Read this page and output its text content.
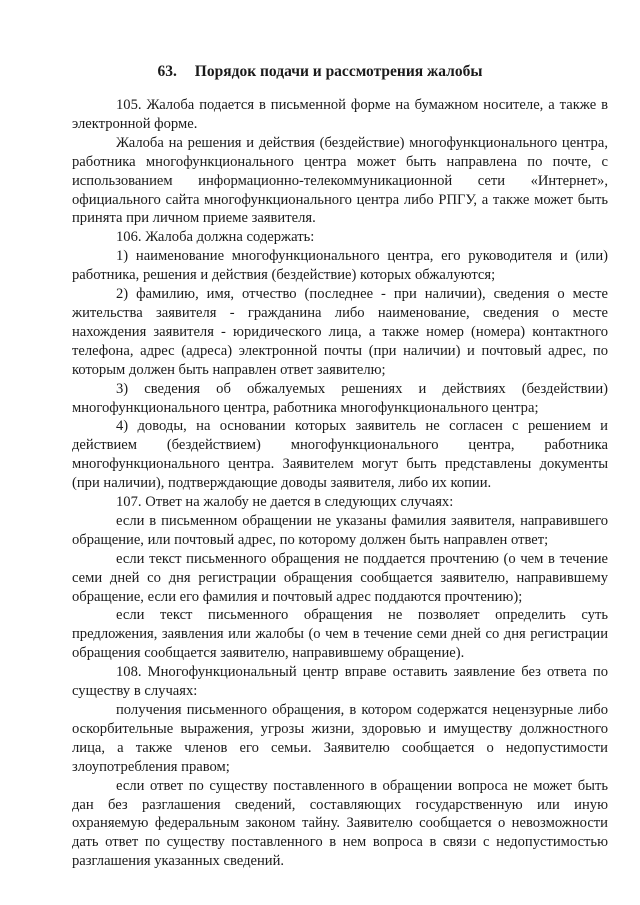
63. Порядок подачи и рассмотрения жалобы

105. Жалоба подается в письменной форме на бумажном носителе, а также в электронной форме.

Жалоба на решения и действия (бездействие) многофункционального центра, работника многофункционального центра может быть направлена по почте, с использованием информационно-телекоммуникационной сети «Интернет», официального сайта многофункционального центра либо РПГУ, а также может быть принята при личном приеме заявителя.

106. Жалоба должна содержать:

1) наименование многофункционального центра, его руководителя и (или) работника, решения и действия (бездействие) которых обжалуются;

2) фамилию, имя, отчество (последнее - при наличии), сведения о месте жительства заявителя - гражданина либо наименование, сведения о месте нахождения заявителя - юридического лица, а также номер (номера) контактного телефона, адрес (адреса) электронной почты (при наличии) и почтовый адрес, по которым должен быть направлен ответ заявителю;

3) сведения об обжалуемых решениях и действиях (бездействии) многофункционального центра, работника многофункционального центра;

4) доводы, на основании которых заявитель не согласен с решением и действием (бездействием) многофункционального центра, работника многофункционального центра. Заявителем могут быть представлены документы (при наличии), подтверждающие доводы заявителя, либо их копии.

107. Ответ на жалобу не дается в следующих случаях:

если в письменном обращении не указаны фамилия заявителя, направившего обращение, или почтовый адрес, по которому должен быть направлен ответ;

если текст письменного обращения не поддается прочтению (о чем в течение семи дней со дня регистрации обращения сообщается заявителю, направившему обращение, если его фамилия и почтовый адрес поддаются прочтению);

если текст письменного обращения не позволяет определить суть предложения, заявления или жалобы (о чем в течение семи дней со дня регистрации обращения сообщается заявителю, направившему обращение).

108. Многофункциональный центр вправе оставить заявление без ответа по существу в случаях:

получения письменного обращения, в котором содержатся нецензурные либо оскорбительные выражения, угрозы жизни, здоровью и имуществу должностного лица, а также членов его семьи. Заявителю сообщается о недопустимости злоупотребления правом;

если ответ по существу поставленного в обращении вопроса не может быть дан без разглашения сведений, составляющих государственную или иную охраняемую федеральным законом тайну. Заявителю сообщается о невозможности дать ответ по существу поставленного в нем вопроса в связи с недопустимостью разглашения указанных сведений.
